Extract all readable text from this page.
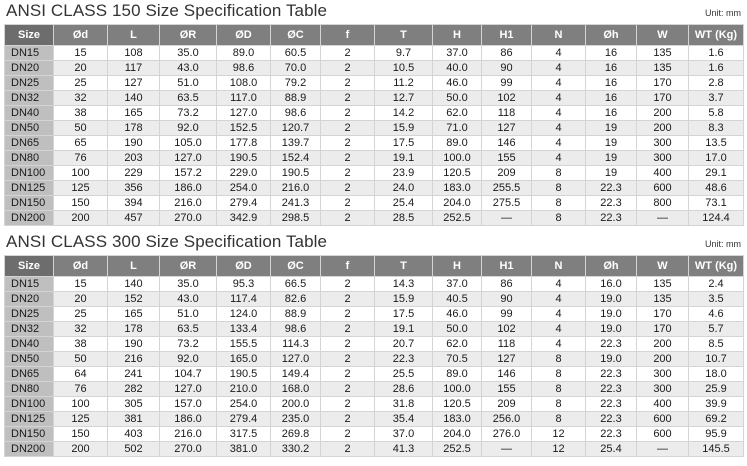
ANSI CLASS 150 Size Specification Table	Unit: mm
Size	Ød	L	ØR	ØD	ØC	f	T	H	H1	N	Øh	W	WT (Kg)
DN15	15	108	35.0	89.0	60.5	2	9.7	37.0	86	4	16	135	1.6
DN20	20	117	43.0	98.6	70.0	2	10.5	40.0	90	4	16	135	1.6
DN25	25	127	51.0	108.0	79.2	2	11.2	46.0	99	4	16	170	2.8
DN32	32	140	63.5	117.0	88.9	2	12.7	50.0	102	4	16	170	3.7
DN40	38	165	73.2	127.0	98.6	2	14.2	62.0	118	4	16	200	5.8
DN50	50	178	92.0	152.5	120.7	2	15.9	71.0	127	4	19	200	8.3
DN65	65	190	105.0	177.8	139.7	2	17.5	89.0	146	4	19	300	13.5
DN80	76	203	127.0	190.5	152.4	2	19.1	100.0	155	4	19	300	17.0
DN100	100	229	157.2	229.0	190.5	2	23.9	120.5	209	8	19	400	29.1
DN125	125	356	186.0	254.0	216.0	2	24.0	183.0	255.5	8	22.3	600	48.6
DN150	150	394	216.0	279.4	241.3	2	25.4	204.0	275.5	8	22.3	800	73.1
DN200	200	457	270.0	342.9	298.5	2	28.5	252.5	—	8	22.3	—	124.4
ANSI CLASS 300 Size Specification Table	Unit: mm
Size	Ød	L	ØR	ØD	ØC	f	T	H	H1	N	Øh	W	WT (Kg)
DN15	15	140	35.0	95.3	66.5	2	14.3	37.0	86	4	16.0	135	2.4
DN20	20	152	43.0	117.4	82.6	2	15.9	40.5	90	4	19.0	135	3.5
DN25	25	165	51.0	124.0	88.9	2	17.5	46.0	99	4	19.0	170	4.6
DN32	32	178	63.5	133.4	98.6	2	19.1	50.0	102	4	19.0	170	5.7
DN40	38	190	73.2	155.5	114.3	2	20.7	62.0	118	4	22.3	200	8.5
DN50	50	216	92.0	165.0	127.0	2	22.3	70.5	127	8	19.0	200	10.7
DN65	64	241	104.7	190.5	149.4	2	25.5	89.0	146	8	22.3	300	18.0
DN80	76	282	127.0	210.0	168.0	2	28.6	100.0	155	8	22.3	300	25.9
DN100	100	305	157.0	254.0	200.0	2	31.8	120.5	209	8	22.3	400	39.9
DN125	125	381	186.0	279.4	235.0	2	35.4	183.0	256.0	8	22.3	600	69.2
DN150	150	403	216.0	317.5	269.8	2	37.0	204.0	276.0	12	22.3	600	95.9
DN200	200	502	270.0	381.0	330.2	2	41.3	252.5	—	12	25.4	—	145.5
